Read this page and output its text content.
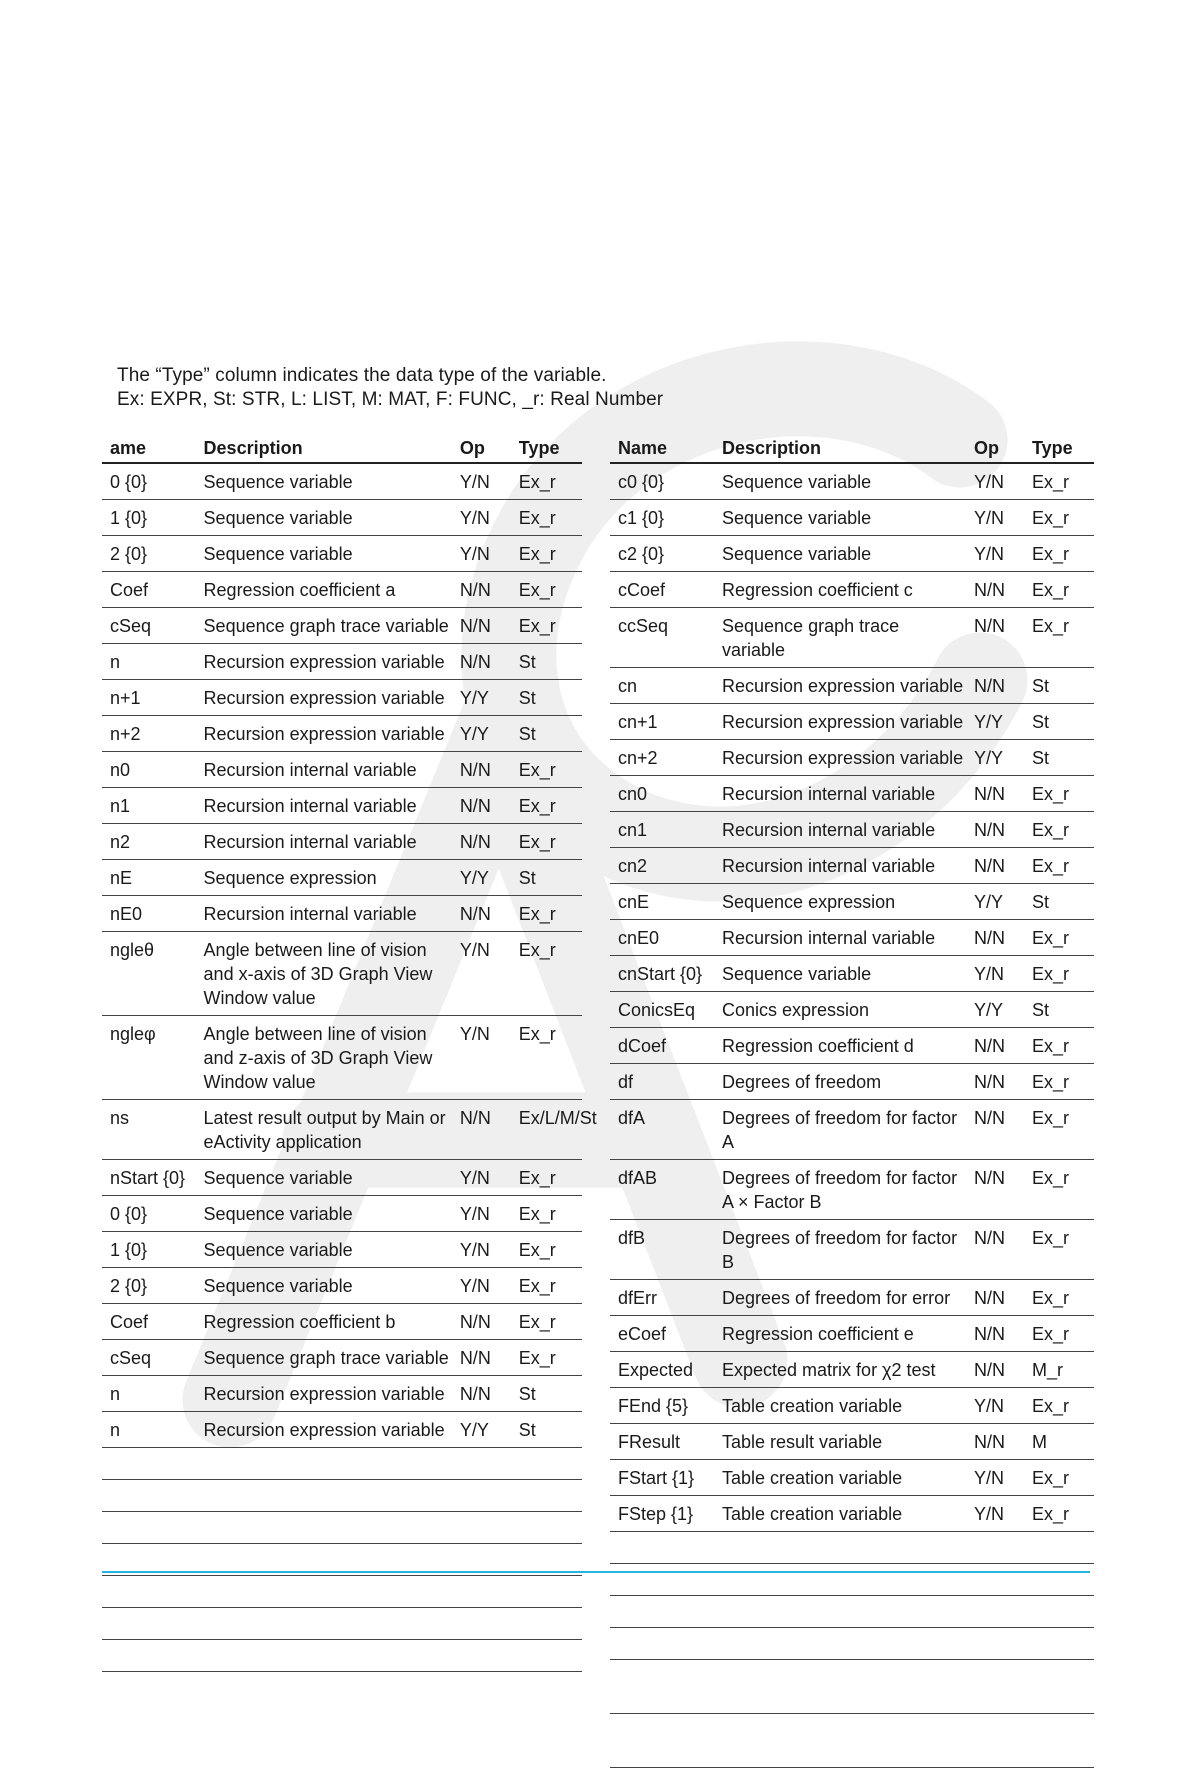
The “Type” column indicates the data type of the variable.
Ex: EXPR, St: STR, L: LIST, M: MAT, F: FUNC, _r: Real Number
ame	Description	Op	Type
0 {0}	Sequence variable	Y/N	Ex_r
1 {0}	Sequence variable	Y/N	Ex_r
2 {0}	Sequence variable	Y/N	Ex_r
Coef	Regression coefficient a	N/N	Ex_r
cSeq	Sequence graph trace variable	N/N	Ex_r
n	Recursion expression variable	N/N	St
n+1	Recursion expression variable	Y/Y	St
n+2	Recursion expression variable	Y/Y	St
n0	Recursion internal variable	N/N	Ex_r
n1	Recursion internal variable	N/N	Ex_r
n2	Recursion internal variable	N/N	Ex_r
nE	Sequence expression	Y/Y	St
nE0	Recursion internal variable	N/N	Ex_r
ngleθ	Angle between line of vision and x-axis of 3D Graph View Window value	Y/N	Ex_r
ngleφ	Angle between line of vision and z-axis of 3D Graph View Window value	Y/N	Ex_r
ns	Latest result output by Main or eActivity application	N/N	Ex/L/M/St
nStart {0}	Sequence variable	Y/N	Ex_r
0 {0}	Sequence variable	Y/N	Ex_r
1 {0}	Sequence variable	Y/N	Ex_r
2 {0}	Sequence variable	Y/N	Ex_r
Coef	Regression coefficient b	N/N	Ex_r
cSeq	Sequence graph trace variable	N/N	Ex_r
n	Recursion expression variable	N/N	St
n	Recursion expression variable	Y/Y	St

Name	Description	Op	Type
c0 {0}	Sequence variable	Y/N	Ex_r
c1 {0}	Sequence variable	Y/N	Ex_r
c2 {0}	Sequence variable	Y/N	Ex_r
cCoef	Regression coefficient c	N/N	Ex_r
ccSeq	Sequence graph trace variable	N/N	Ex_r
cn	Recursion expression variable	N/N	St
cn+1	Recursion expression variable	Y/Y	St
cn+2	Recursion expression variable	Y/Y	St
cn0	Recursion internal variable	N/N	Ex_r
cn1	Recursion internal variable	N/N	Ex_r
cn2	Recursion internal variable	N/N	Ex_r
cnE	Sequence expression	Y/Y	St
cnE0	Recursion internal variable	N/N	Ex_r
cnStart {0}	Sequence variable	Y/N	Ex_r
ConicsEq	Conics expression	Y/Y	St
dCoef	Regression coefficient d	N/N	Ex_r
df	Degrees of freedom	N/N	Ex_r
dfA	Degrees of freedom for factor A	N/N	Ex_r
dfAB	Degrees of freedom for factor A × Factor B	N/N	Ex_r
dfB	Degrees of freedom for factor B	N/N	Ex_r
dfErr	Degrees of freedom for error	N/N	Ex_r
eCoef	Regression coefficient e	N/N	Ex_r
Expected	Expected matrix for χ2 test	N/N	M_r
FEnd {5}	Table creation variable	Y/N	Ex_r
FResult	Table result variable	N/N	M
FStart {1}	Table creation variable	Y/N	Ex_r
FStep {1}	Table creation variable	Y/N	Ex_r
